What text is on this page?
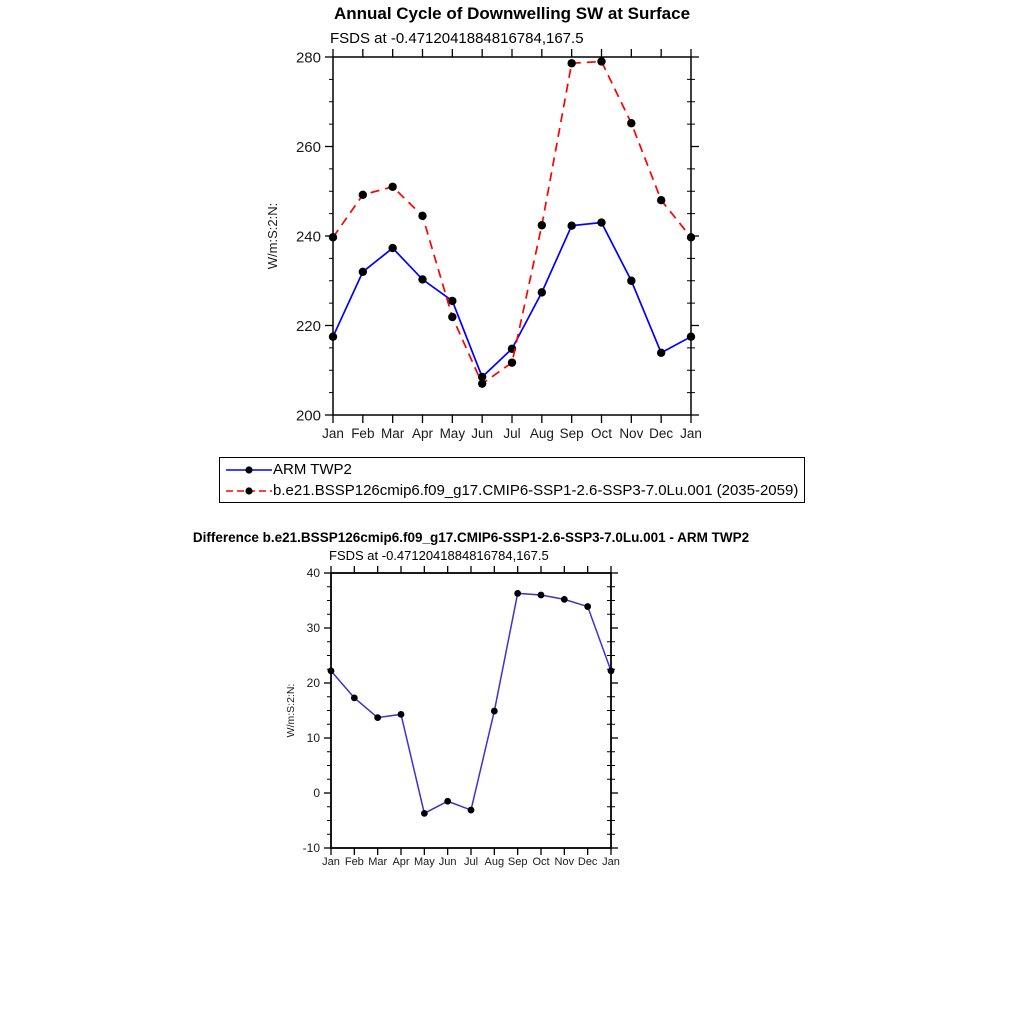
Annual Cycle of Downwelling SW at Surface
FSDS at -0.4712041884816784,167.5
Jan Feb Mar Apr May Jun Jul Aug Sep Oct Nov Dec Jan
200
220
240
260
280
W/m:S:2:N:
Jan Feb Mar Apr May Jun Jul Aug Sep Oct Nov Dec Jan
-10
0
10
20
30
40
W/m:S:2:N:
ARM TWP2
b.e21.BSSP126cmip6.f09_g17.CMIP6-SSP1-2.6-SSP3-7.0Lu.001 (2035-2059)
Difference b.e21.BSSP126cmip6.f09_g17.CMIP6-SSP1-2.6-SSP3-7.0Lu.001 - ARM TWP2
FSDS at -0.4712041884816784,167.5
